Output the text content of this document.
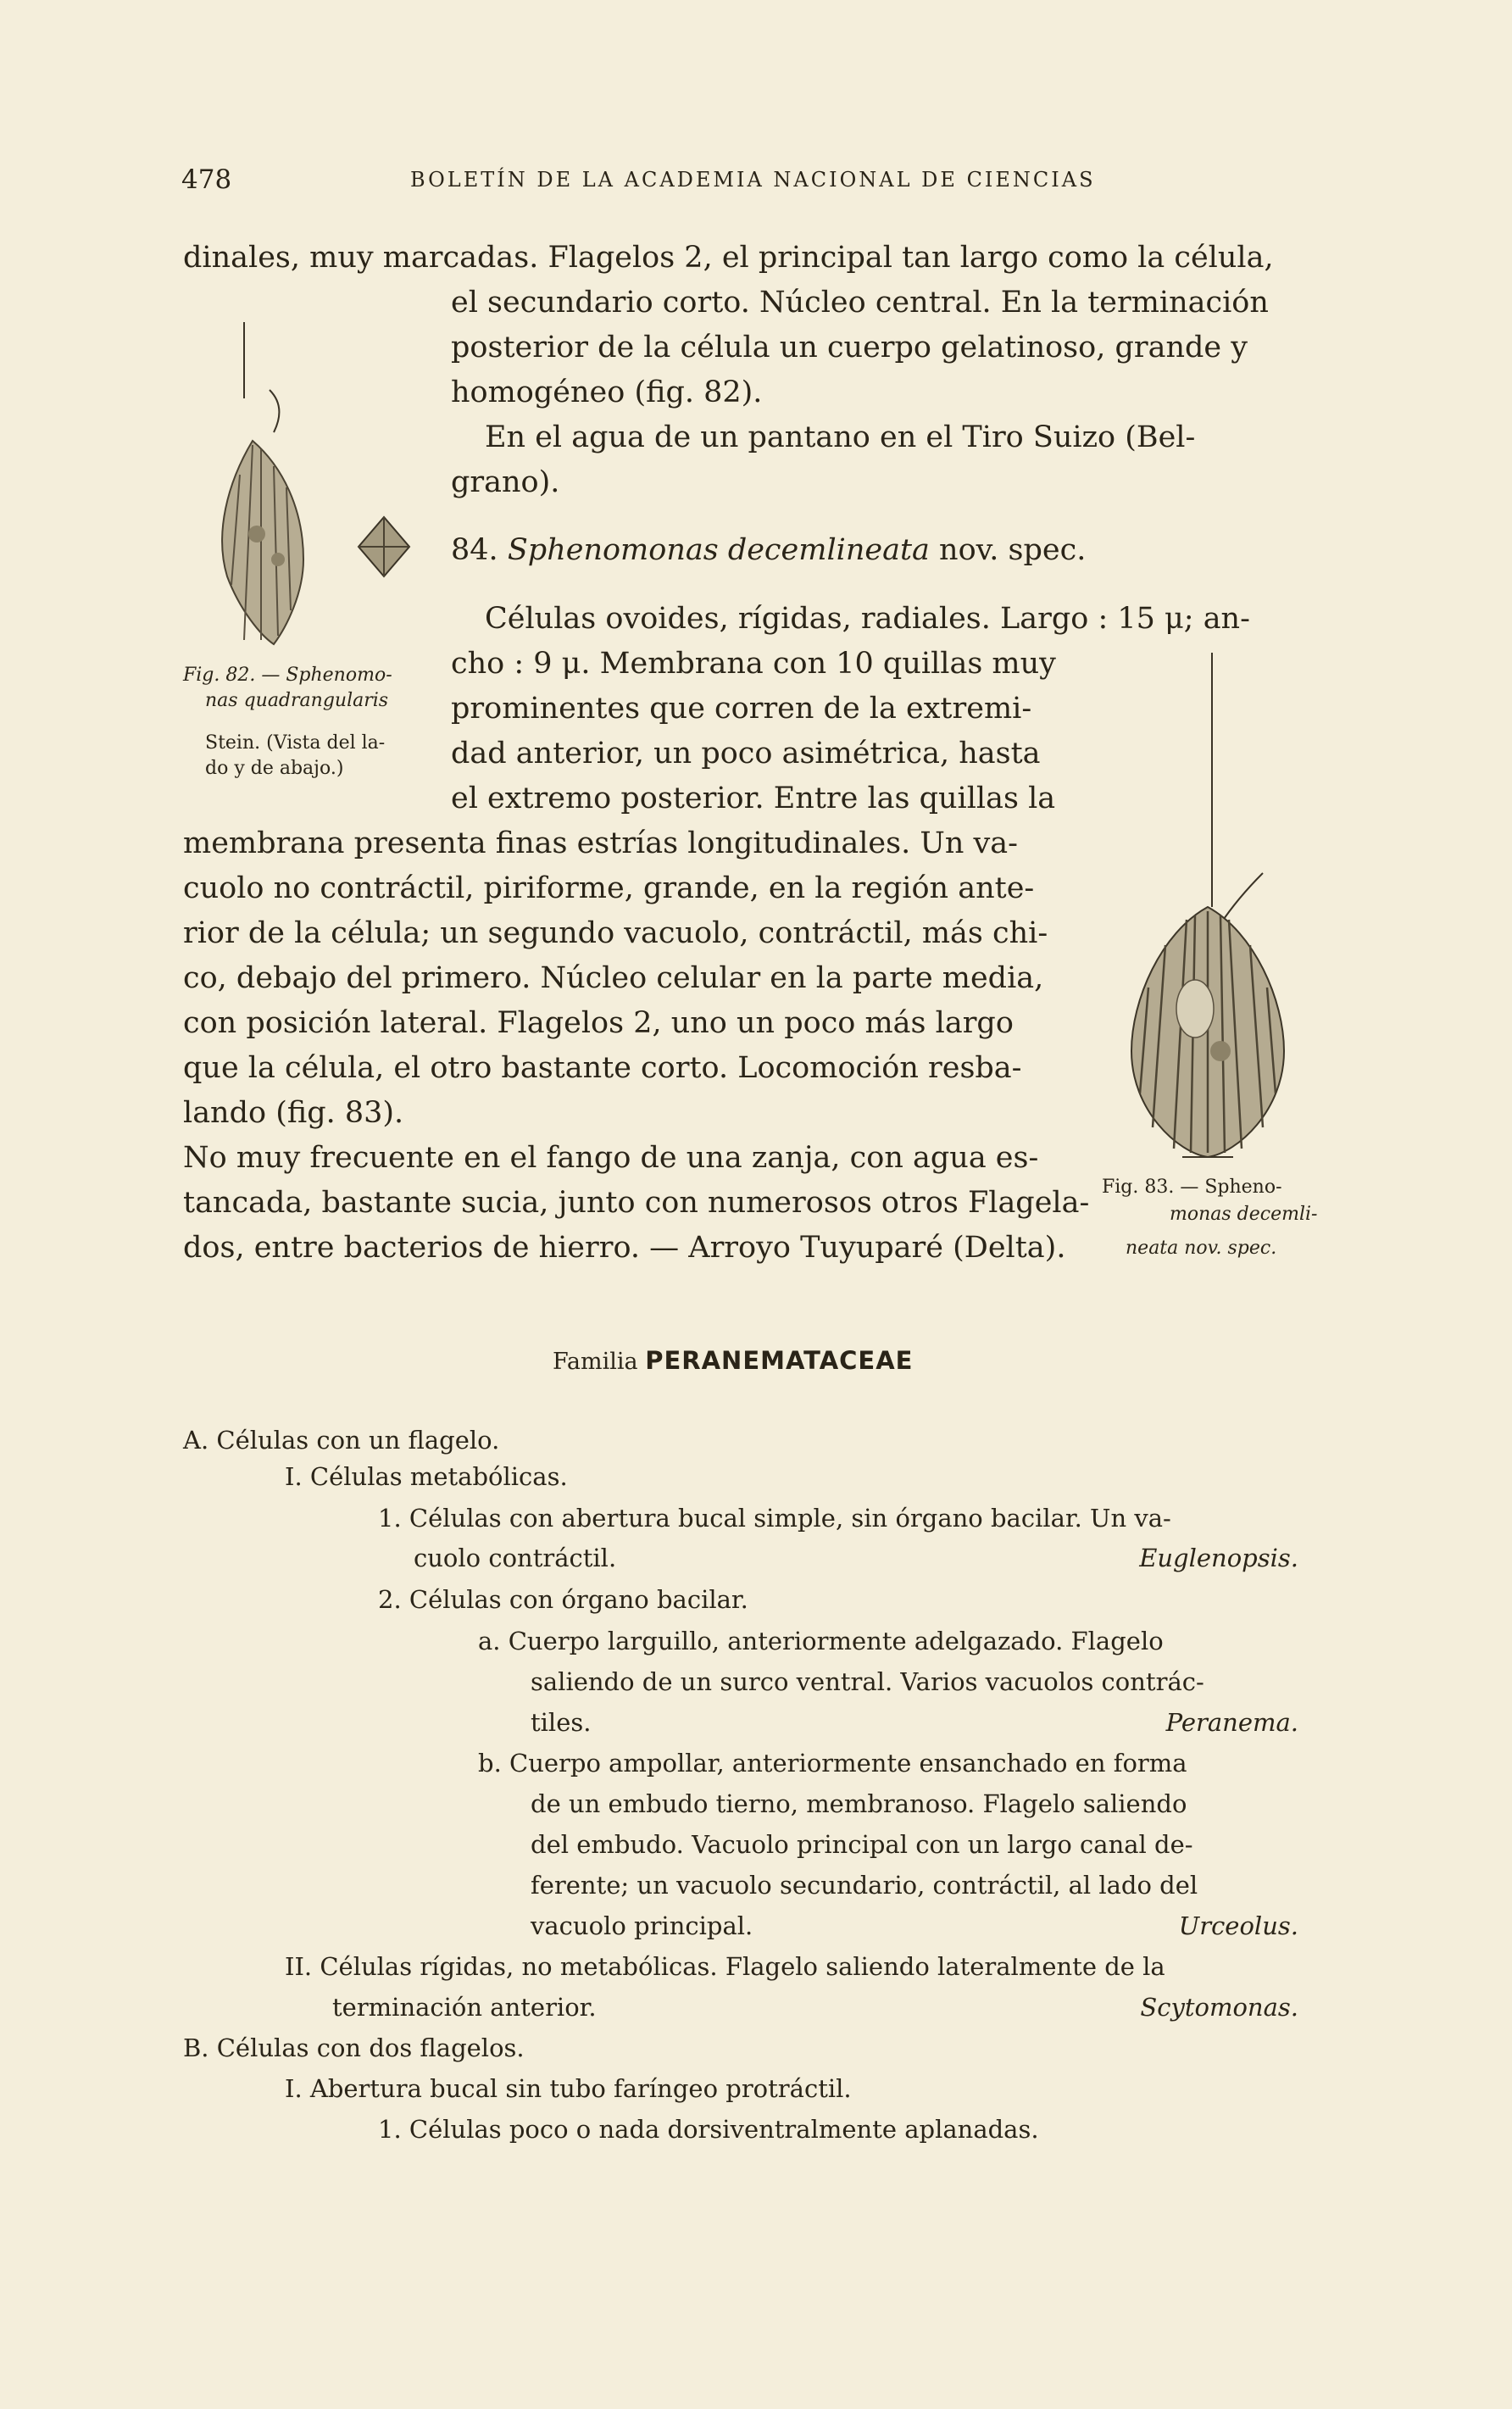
478	BOLETÍN DE LA ACADEMIA NACIONAL DE CIENCIAS
dinales, muy marcadas. Flagelos 2, el principal tan largo como la célula,
el secundario corto. Núcleo central. En la terminación
posterior de la célula un cuerpo gelatinoso, grande y
homogéneo (fig. 82).
En el agua de un pantano en el Tiro Suizo (Bel-
grano).
84. Sphenomonas decemlineata nov. spec.
Células ovoides, rígidas, radiales. Largo : 15 μ; an-
cho : 9 μ. Membrana con 10 quillas muy
prominentes que corren de la extremi-
dad anterior, un poco asimétrica, hasta
el extremo posterior. Entre las quillas la
membrana presenta finas estrías longitudinales. Un va-
cuolo no contráctil, piriforme, grande, en la región ante-
rior de la célula; un segundo vacuolo, contráctil, más chi-
co, debajo del primero. Núcleo celular en la parte media,
con posición lateral. Flagelos 2, uno un poco más largo
que la célula, el otro bastante corto. Locomoción resba-
lando (fig. 83).
No muy frecuente en el fango de una zanja, con agua es-
tancada, bastante sucia, junto con numerosos otros Flagela-
dos, entre bacterios de hierro. — Arroyo Tuyuparé (Delta).
Fig. 82. — Sphenomo-
nas quadrangularis
Stein. (Vista del la-
do y de abajo.)
Fig. 83. — Spheno-
monas decemli-
neata nov. spec.
Familia PERANEMATACEAE
A. Células con un flagelo.
I. Células metabólicas.
1. Células con abertura bucal simple, sin órgano bacilar. Un va-
cuolo contráctil.	Euglenopsis.
2. Células con órgano bacilar.
a. Cuerpo larguillo, anteriormente adelgazado. Flagelo
saliendo de un surco ventral. Varios vacuolos contrác-
tiles.	Peranema.
b. Cuerpo ampollar, anteriormente ensanchado en forma
de un embudo tierno, membranoso. Flagelo saliendo
del embudo. Vacuolo principal con un largo canal de-
ferente; un vacuolo secundario, contráctil, al lado del
vacuolo principal.	Urceolus.
II. Células rígidas, no metabólicas. Flagelo saliendo lateralmente de la
terminación anterior.	Scytomonas.
B. Células con dos flagelos.
I. Abertura bucal sin tubo faríngeo protráctil.
1. Células poco o nada dorsiventralmente aplanadas.
